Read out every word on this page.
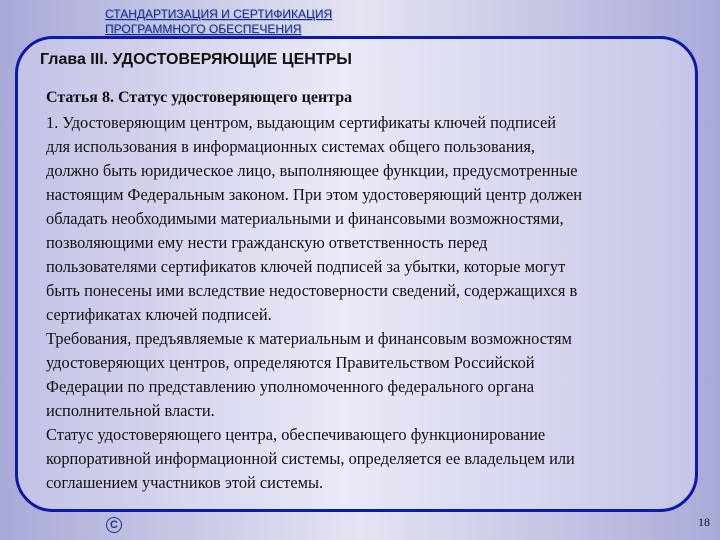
СТАНДАРТИЗАЦИЯ И СЕРТИФИКАЦИЯ
ПРОГРАММНОГО ОБЕСПЕЧЕНИЯ
Глава III. УДОСТОВЕРЯЮЩИЕ ЦЕНТРЫ
Статья 8. Статус удостоверяющего центра
1. Удостоверяющим центром, выдающим сертификаты ключей подписей
для использования в информационных системах общего пользования,
должно быть юридическое лицо, выполняющее функции, предусмотренные
настоящим Федеральным законом. При этом удостоверяющий центр должен
обладать необходимыми материальными и финансовыми возможностями,
позволяющими ему нести гражданскую ответственность перед
пользователями сертификатов ключей подписей за убытки, которые могут
быть понесены ими вследствие недостоверности сведений, содержащихся в
сертификатах ключей подписей.
Требования, предъявляемые к материальным и финансовым возможностям
удостоверяющих центров, определяются Правительством Российской
Федерации по представлению уполномоченного федерального органа
исполнительной власти.
Статус удостоверяющего центра, обеспечивающего функционирование
корпоративной информационной системы, определяется ее владельцем или
соглашением участников этой системы.
C	18
